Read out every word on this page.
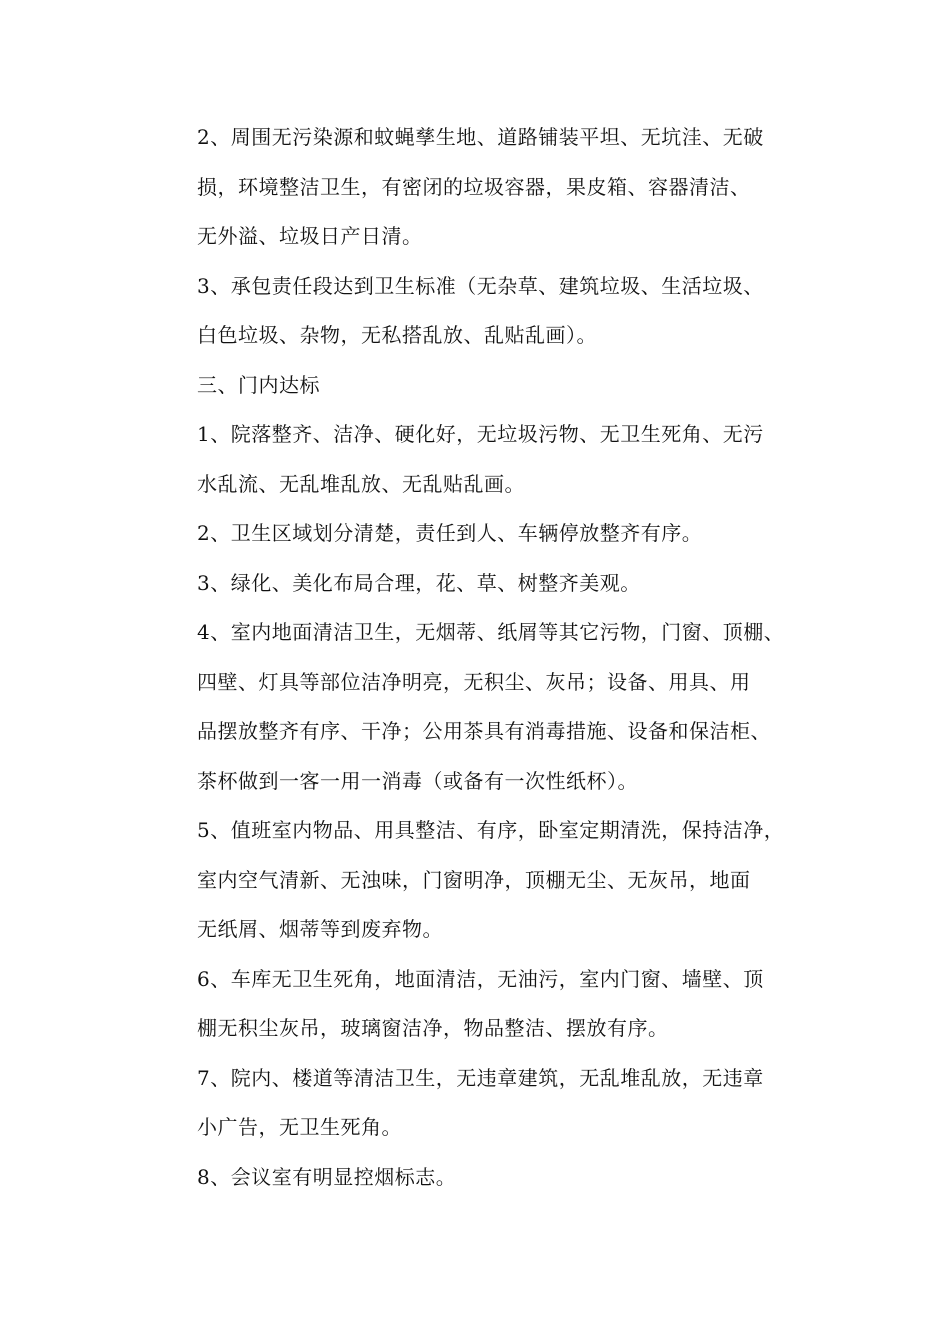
2、周围无污染源和蚊蝇孳生地、道路铺装平坦、无坑洼、无破
损，环境整洁卫生，有密闭的垃圾容器，果皮箱、容器清洁、
无外溢、垃圾日产日清。
3、承包责任段达到卫生标准（无杂草、建筑垃圾、生活垃圾、
白色垃圾、杂物，无私搭乱放、乱贴乱画）。
三、门内达标
1、院落整齐、洁净、硬化好，无垃圾污物、无卫生死角、无污
水乱流、无乱堆乱放、无乱贴乱画。
2、卫生区域划分清楚，责任到人、车辆停放整齐有序。
3、绿化、美化布局合理，花、草、树整齐美观。
4、室内地面清洁卫生，无烟蒂、纸屑等其它污物，门窗、顶棚、
四壁、灯具等部位洁净明亮，无积尘、灰吊；设备、用具、用
品摆放整齐有序、干净；公用茶具有消毒措施、设备和保洁柜、
茶杯做到一客一用一消毒（或备有一次性纸杯）。
5、值班室内物品、用具整洁、有序，卧室定期清洗，保持洁净，
室内空气清新、无浊味，门窗明净，顶棚无尘、无灰吊，地面
无纸屑、烟蒂等到废弃物。
6、车库无卫生死角，地面清洁，无油污，室内门窗、墙壁、顶
棚无积尘灰吊，玻璃窗洁净，物品整洁、摆放有序。
7、院内、楼道等清洁卫生，无违章建筑，无乱堆乱放，无违章
小广告，无卫生死角。
8、会议室有明显控烟标志。
